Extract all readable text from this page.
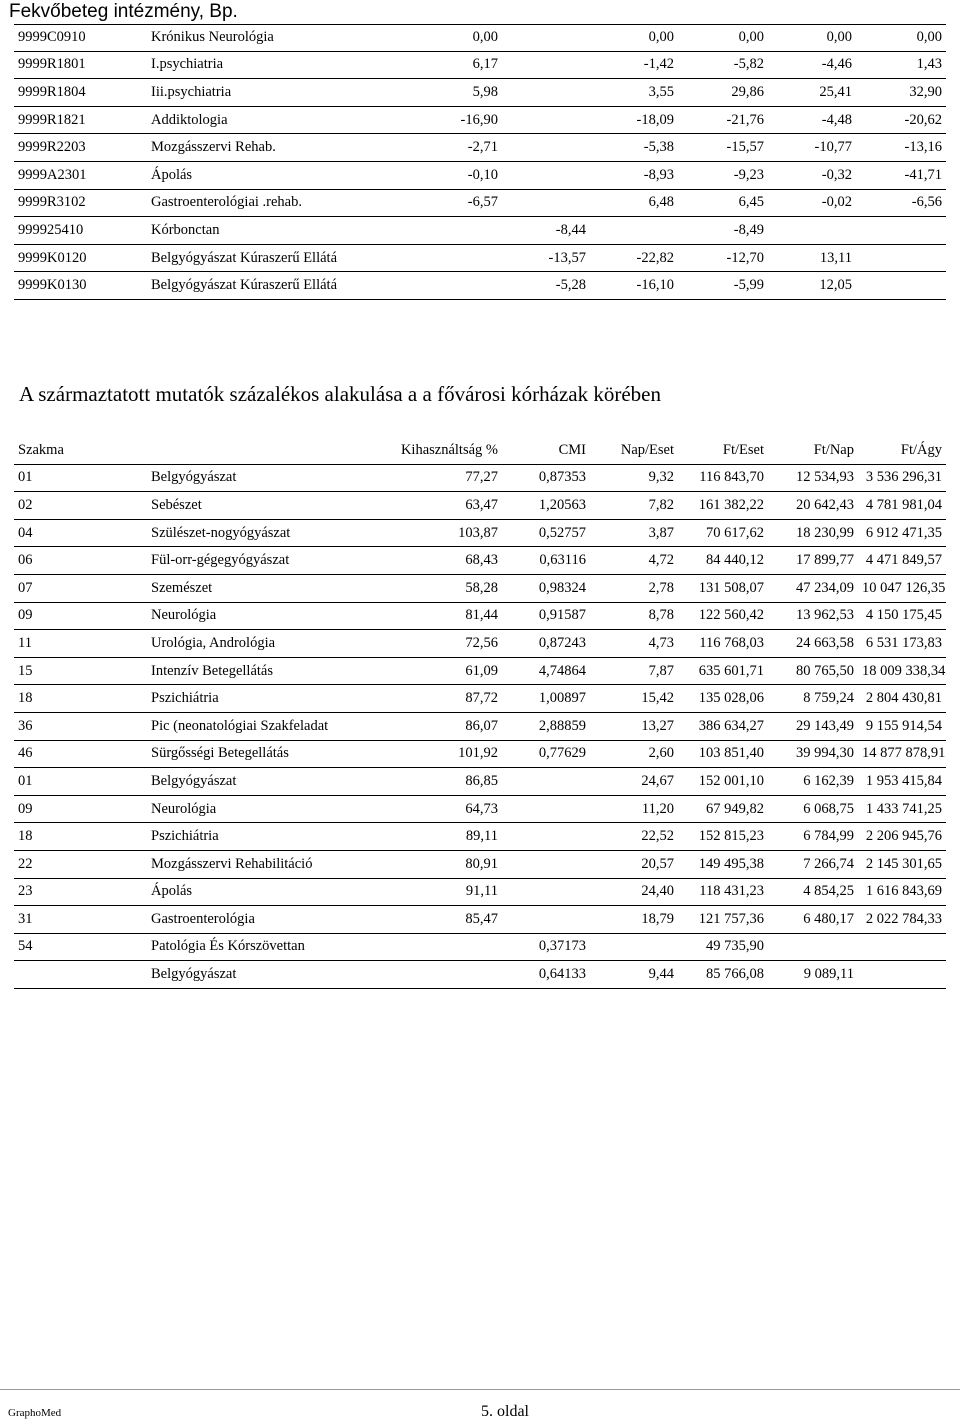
Fekvőbeteg intézmény, Bp.
9999C0910	Krónikus Neurológia	0,00		0,00	0,00	0,00	0,00
9999R1801	I.psychiatria	6,17		-1,42	-5,82	-4,46	1,43
9999R1804	Iii.psychiatria	5,98		3,55	29,86	25,41	32,90
9999R1821	Addiktologia	-16,90		-18,09	-21,76	-4,48	-20,62
9999R2203	Mozgásszervi Rehab.	-2,71		-5,38	-15,57	-10,77	-13,16
9999A2301	Ápolás	-0,10		-8,93	-9,23	-0,32	-41,71
9999R3102	Gastroenterológiai .rehab.	-6,57		6,48	6,45	-0,02	-6,56
999925410	Kórbonctan		-8,44		-8,49		
9999K0120	Belgyógyászat Kúraszerű Ellátá		-13,57	-22,82	-12,70	13,11	
9999K0130	Belgyógyászat Kúraszerű Ellátá		-5,28	-16,10	-5,99	12,05	
A származtatott mutatók százalékos alakulása a a fővárosi kórházak körében
Szakma		Kihasználtság %	CMI	Nap/Eset	Ft/Eset	Ft/Nap	Ft/Ágy
01	Belgyógyászat	77,27	0,87353	9,32	116 843,70	12 534,93	3 536 296,31
02	Sebészet	63,47	1,20563	7,82	161 382,22	20 642,43	4 781 981,04
04	Szülészet-nogyógyászat	103,87	0,52757	3,87	70 617,62	18 230,99	6 912 471,35
06	Fül-orr-gégegyógyászat	68,43	0,63116	4,72	84 440,12	17 899,77	4 471 849,57
07	Szemészet	58,28	0,98324	2,78	131 508,07	47 234,09	10 047 126,35
09	Neurológia	81,44	0,91587	8,78	122 560,42	13 962,53	4 150 175,45
11	Urológia, Andrológia	72,56	0,87243	4,73	116 768,03	24 663,58	6 531 173,83
15	Intenzív Betegellátás	61,09	4,74864	7,87	635 601,71	80 765,50	18 009 338,34
18	Pszichiátria	87,72	1,00897	15,42	135 028,06	8 759,24	2 804 430,81
36	Pic (neonatológiai Szakfeladat	86,07	2,88859	13,27	386 634,27	29 143,49	9 155 914,54
46	Sürgősségi Betegellátás	101,92	0,77629	2,60	103 851,40	39 994,30	14 877 878,91
01	Belgyógyászat	86,85		24,67	152 001,10	6 162,39	1 953 415,84
09	Neurológia	64,73		11,20	67 949,82	6 068,75	1 433 741,25
18	Pszichiátria	89,11		22,52	152 815,23	6 784,99	2 206 945,76
22	Mozgásszervi Rehabilitáció	80,91		20,57	149 495,38	7 266,74	2 145 301,65
23	Ápolás	91,11		24,40	118 431,23	4 854,25	1 616 843,69
31	Gastroenterológia	85,47		18,79	121 757,36	6 480,17	2 022 784,33
54	Patológia És Kórszövettan		0,37173		49 735,90		
	Belgyógyászat		0,64133	9,44	85 766,08	9 089,11	
GraphoMed	5. oldal
